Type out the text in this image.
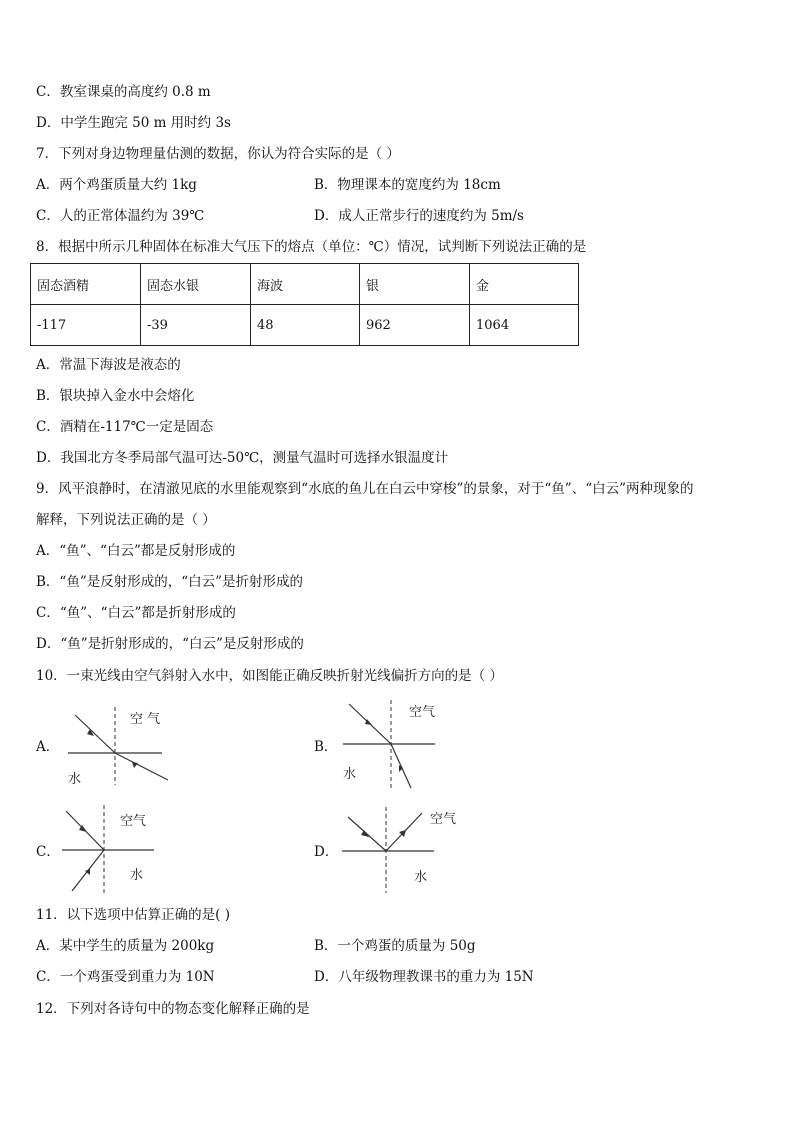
C．教室课桌的高度约 0.8 m
D．中学生跑完 50 m 用时约 3s
7．下列对身边物理量估测的数据，你认为符合实际的是（ ）
A．两个鸡蛋质量大约 1kg	B．物理课本的宽度约为 18cm
C．人的正常体温约为 39℃	D．成人正常步行的速度约为 5m/s
8．根据中所示几种固体在标准大气压下的熔点（单位：℃）情况，试判断下列说法正确的是
固态酒精	固态水银	海波	银	金
-117	-39	48	962	1064
A．常温下海波是液态的
B．银块掉入金水中会熔化
C．酒精在-117℃一定是固态
D．我国北方冬季局部气温可达-50℃，测量气温时可选择水银温度计
9．风平浪静时，在清澈见底的水里能观察到“水底的鱼儿在白云中穿梭”的景象，对于“鱼”、“白云”两种现象的
解释，下列说法正确的是（ ）
A．“鱼”、“白云”都是反射形成的
B．“鱼”是反射形成的，“白云”是折射形成的
C．“鱼”、“白云”都是折射形成的
D．“鱼”是折射形成的，“白云”是反射形成的
10．一束光线由空气斜射入水中，如图能正确反映折射光线偏折方向的是（ ）
A．
空 气
水
B．
空气
水
C．
空气
水
D．
空气
水
11．以下选项中估算正确的是( )
A．某中学生的质量为 200kg	B．一个鸡蛋的质量为 50g
C．一个鸡蛋受到重力为 10N	D．八年级物理教课书的重力为 15N
12．下列对各诗句中的物态变化解释正确的是
